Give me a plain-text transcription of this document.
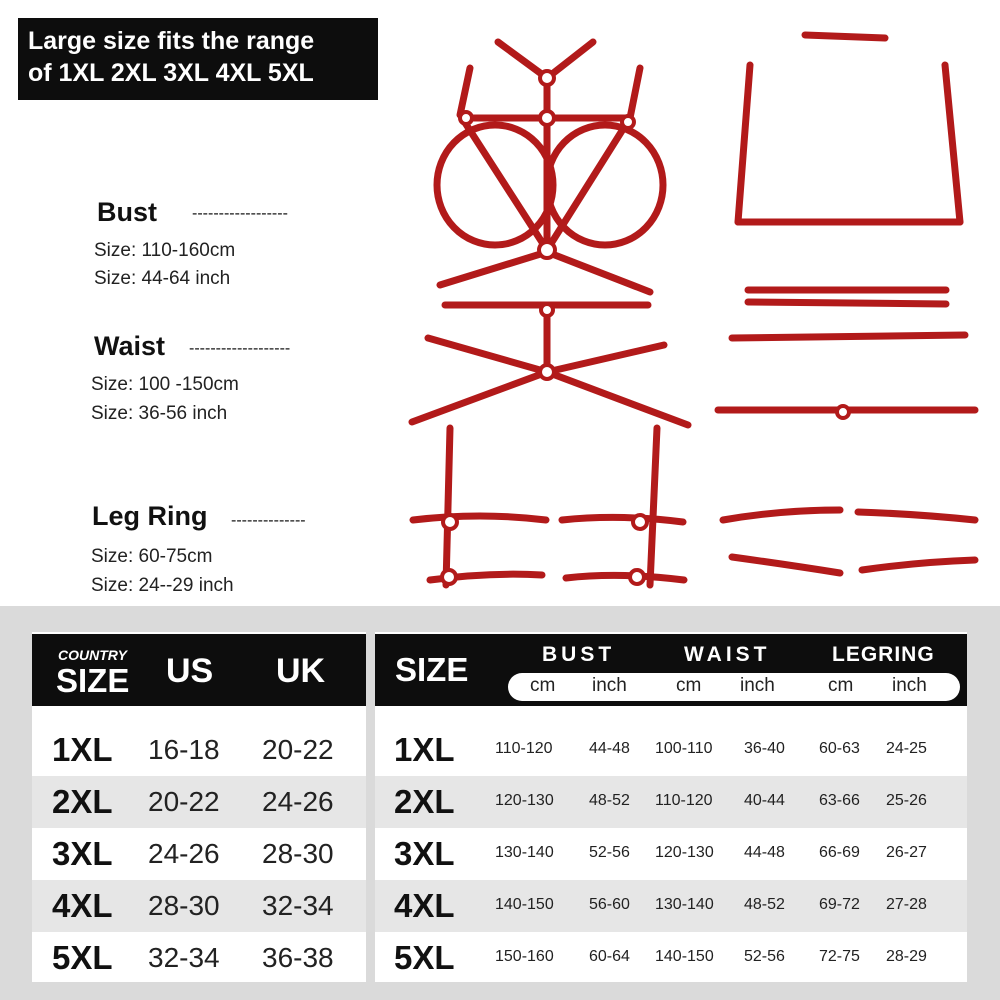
Large size fits the range
of 1XL 2XL 3XL 4XL 5XL
Bust ------------------
Size: 110-160cm
Size: 44-64 inch
Waist -------------------
Size: 100 -150cm
Size: 36-56 inch
Leg Ring --------------
Size: 60-75cm
Size: 24--29 inch
COUNTRY
SIZE US UK SIZE	BUST	WAIST	LEGRING
cm inch	cm inch	cm inch
1XL 16-18 20-22 1XL	110-120 44-48 100-110 36-40 60-63 24-25
2XL 20-22 24-26 2XL	120-130 48-52 110-120 40-44 63-66 25-26
3XL 24-26 28-30 3XL	130-140 52-56 120-130 44-48 66-69 26-27
4XL 28-30 32-34 4XL	140-150 56-60 130-140 48-52 69-72 27-28
5XL 32-34 36-38 5XL	150-160 60-64 140-150 52-56 72-75 28-29
